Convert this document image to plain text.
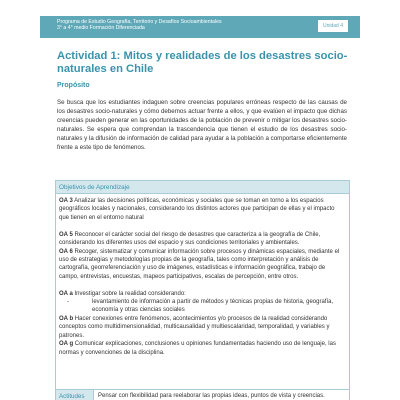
Programa de Estudio Geografía, Territorio y Desafíos Socioambientales
3° a 4° medio Formación Diferenciada	Unidad 4
Actividad 1: Mitos y realidades de los desastres socio-naturales en Chile
Propósito
Se busca que los estudiantes indaguen sobre creencias populares erróneas respecto de las causas de los desastres socio-naturales y cómo debemos actuar frente a ellos, y que evalúen el impacto que dichas creencias pueden generar en las oportunidades de la población de prevenir o mitigar los desastres socio-naturales. Se espera que comprendan la trascendencia que tienen el estudio de los desastres socio-naturales y la difusión de información de calidad para ayudar a la población a comportarse eficientemente frente a este tipo de fenómenos.
Objetivos de Aprendizaje
OA 3 Analizar las decisiones políticas, económicas y sociales que se toman en torno a los espacios geográficos locales y nacionales, considerando los distintos actores que participan de ellas y el impacto que tienen en el entorno natural
OA 5 Reconocer el carácter social del riesgo de desastres que caracteriza a la geografía de Chile, considerando los diferentes usos del espacio y sus condiciones territoriales y ambientales.
OA 6 Recoger, sistematizar y comunicar información sobre procesos y dinámicas espaciales, mediante el uso de estrategias y metodologías propias de la geografía, tales como interpretación y análisis de cartografía, georreferenciación y uso de imágenes, estadísticas e información geográfica, trabajo de campo, entrevistas, encuestas, mapeos participativos, escalas de percepción, entre otros.
OA a Investigar sobre la realidad considerando:
-	levantamiento de información a partir de métodos y técnicas propias de historia, geografía, economía y otras ciencias sociales
OA b Hacer conexiones entre fenómenos, acontecimientos y/o procesos de la realidad considerando conceptos como multidimensionalidad, multicausalidad y multiescalaridad, temporalidad, y variables y patrones.
OA g Comunicar explicaciones, conclusiones u opiniones fundamentadas haciendo uso de lenguaje, las normas y convenciones de la disciplina.
Actitudes	Pensar con flexibilidad para reelaborar las propias ideas, puntos de vista y creencias.
